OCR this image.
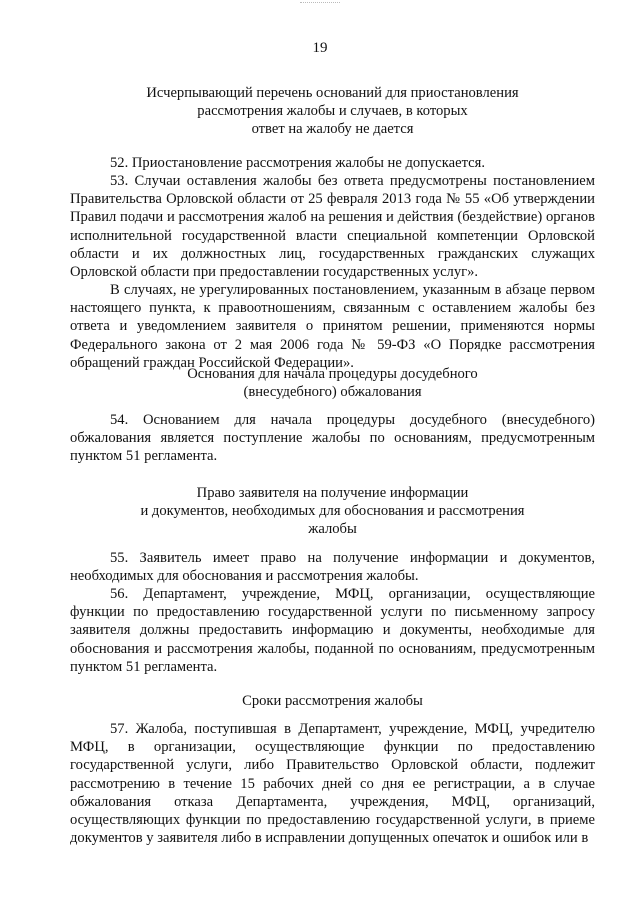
19
Исчерпывающий перечень оснований для приостановления
рассмотрения жалобы и случаев, в которых
ответ на жалобу не дается

52. Приостановление рассмотрения жалобы не допускается.

53. Случаи оставления жалобы без ответа предусмотрены постановлением Правительства Орловской области от 25 февраля 2013 года № 55 «Об утверждении Правил подачи и рассмотрения жалоб на решения и действия (бездействие) органов исполнительной государственной власти специальной компетенции Орловской области и их должностных лиц, государственных гражданских служащих Орловской области при предоставлении государственных услуг».

В случаях, не урегулированных постановлением, указанным в абзаце первом настоящего пункта, к правоотношениям, связанным с оставлением жалобы без ответа и уведомлением заявителя о принятом решении, применяются нормы Федерального закона от 2 мая 2006 года № 59-ФЗ «О Порядке рассмотрения обращений граждан Российской Федерации».

Основания для начала процедуры досудебного
(внесудебного) обжалования

54. Основанием для начала процедуры досудебного (внесудебного) обжалования является поступление жалобы по основаниям, предусмотренным пунктом 51 регламента.

Право заявителя на получение информации
и документов, необходимых для обоснования и рассмотрения
жалобы

55. Заявитель имеет право на получение информации и документов, необходимых для обоснования и рассмотрения жалобы.

56. Департамент, учреждение, МФЦ, организации, осуществляющие функции по предоставлению государственной услуги по письменному запросу заявителя должны предоставить информацию и документы, необходимые для обоснования и рассмотрения жалобы, поданной по основаниям, предусмотренным пунктом 51 регламента.

Сроки рассмотрения жалобы

57. Жалоба, поступившая в Департамент, учреждение, МФЦ, учредителю МФЦ, в организации, осуществляющие функции по предоставлению государственной услуги, либо Правительство Орловской области, подлежит рассмотрению в течение 15 рабочих дней со дня ее регистрации, а в случае обжалования отказа Департамента, учреждения, МФЦ, организаций, осуществляющих функции по предоставлению государственной услуги, в приеме документов у заявителя либо в исправлении допущенных опечаток и ошибок или в
